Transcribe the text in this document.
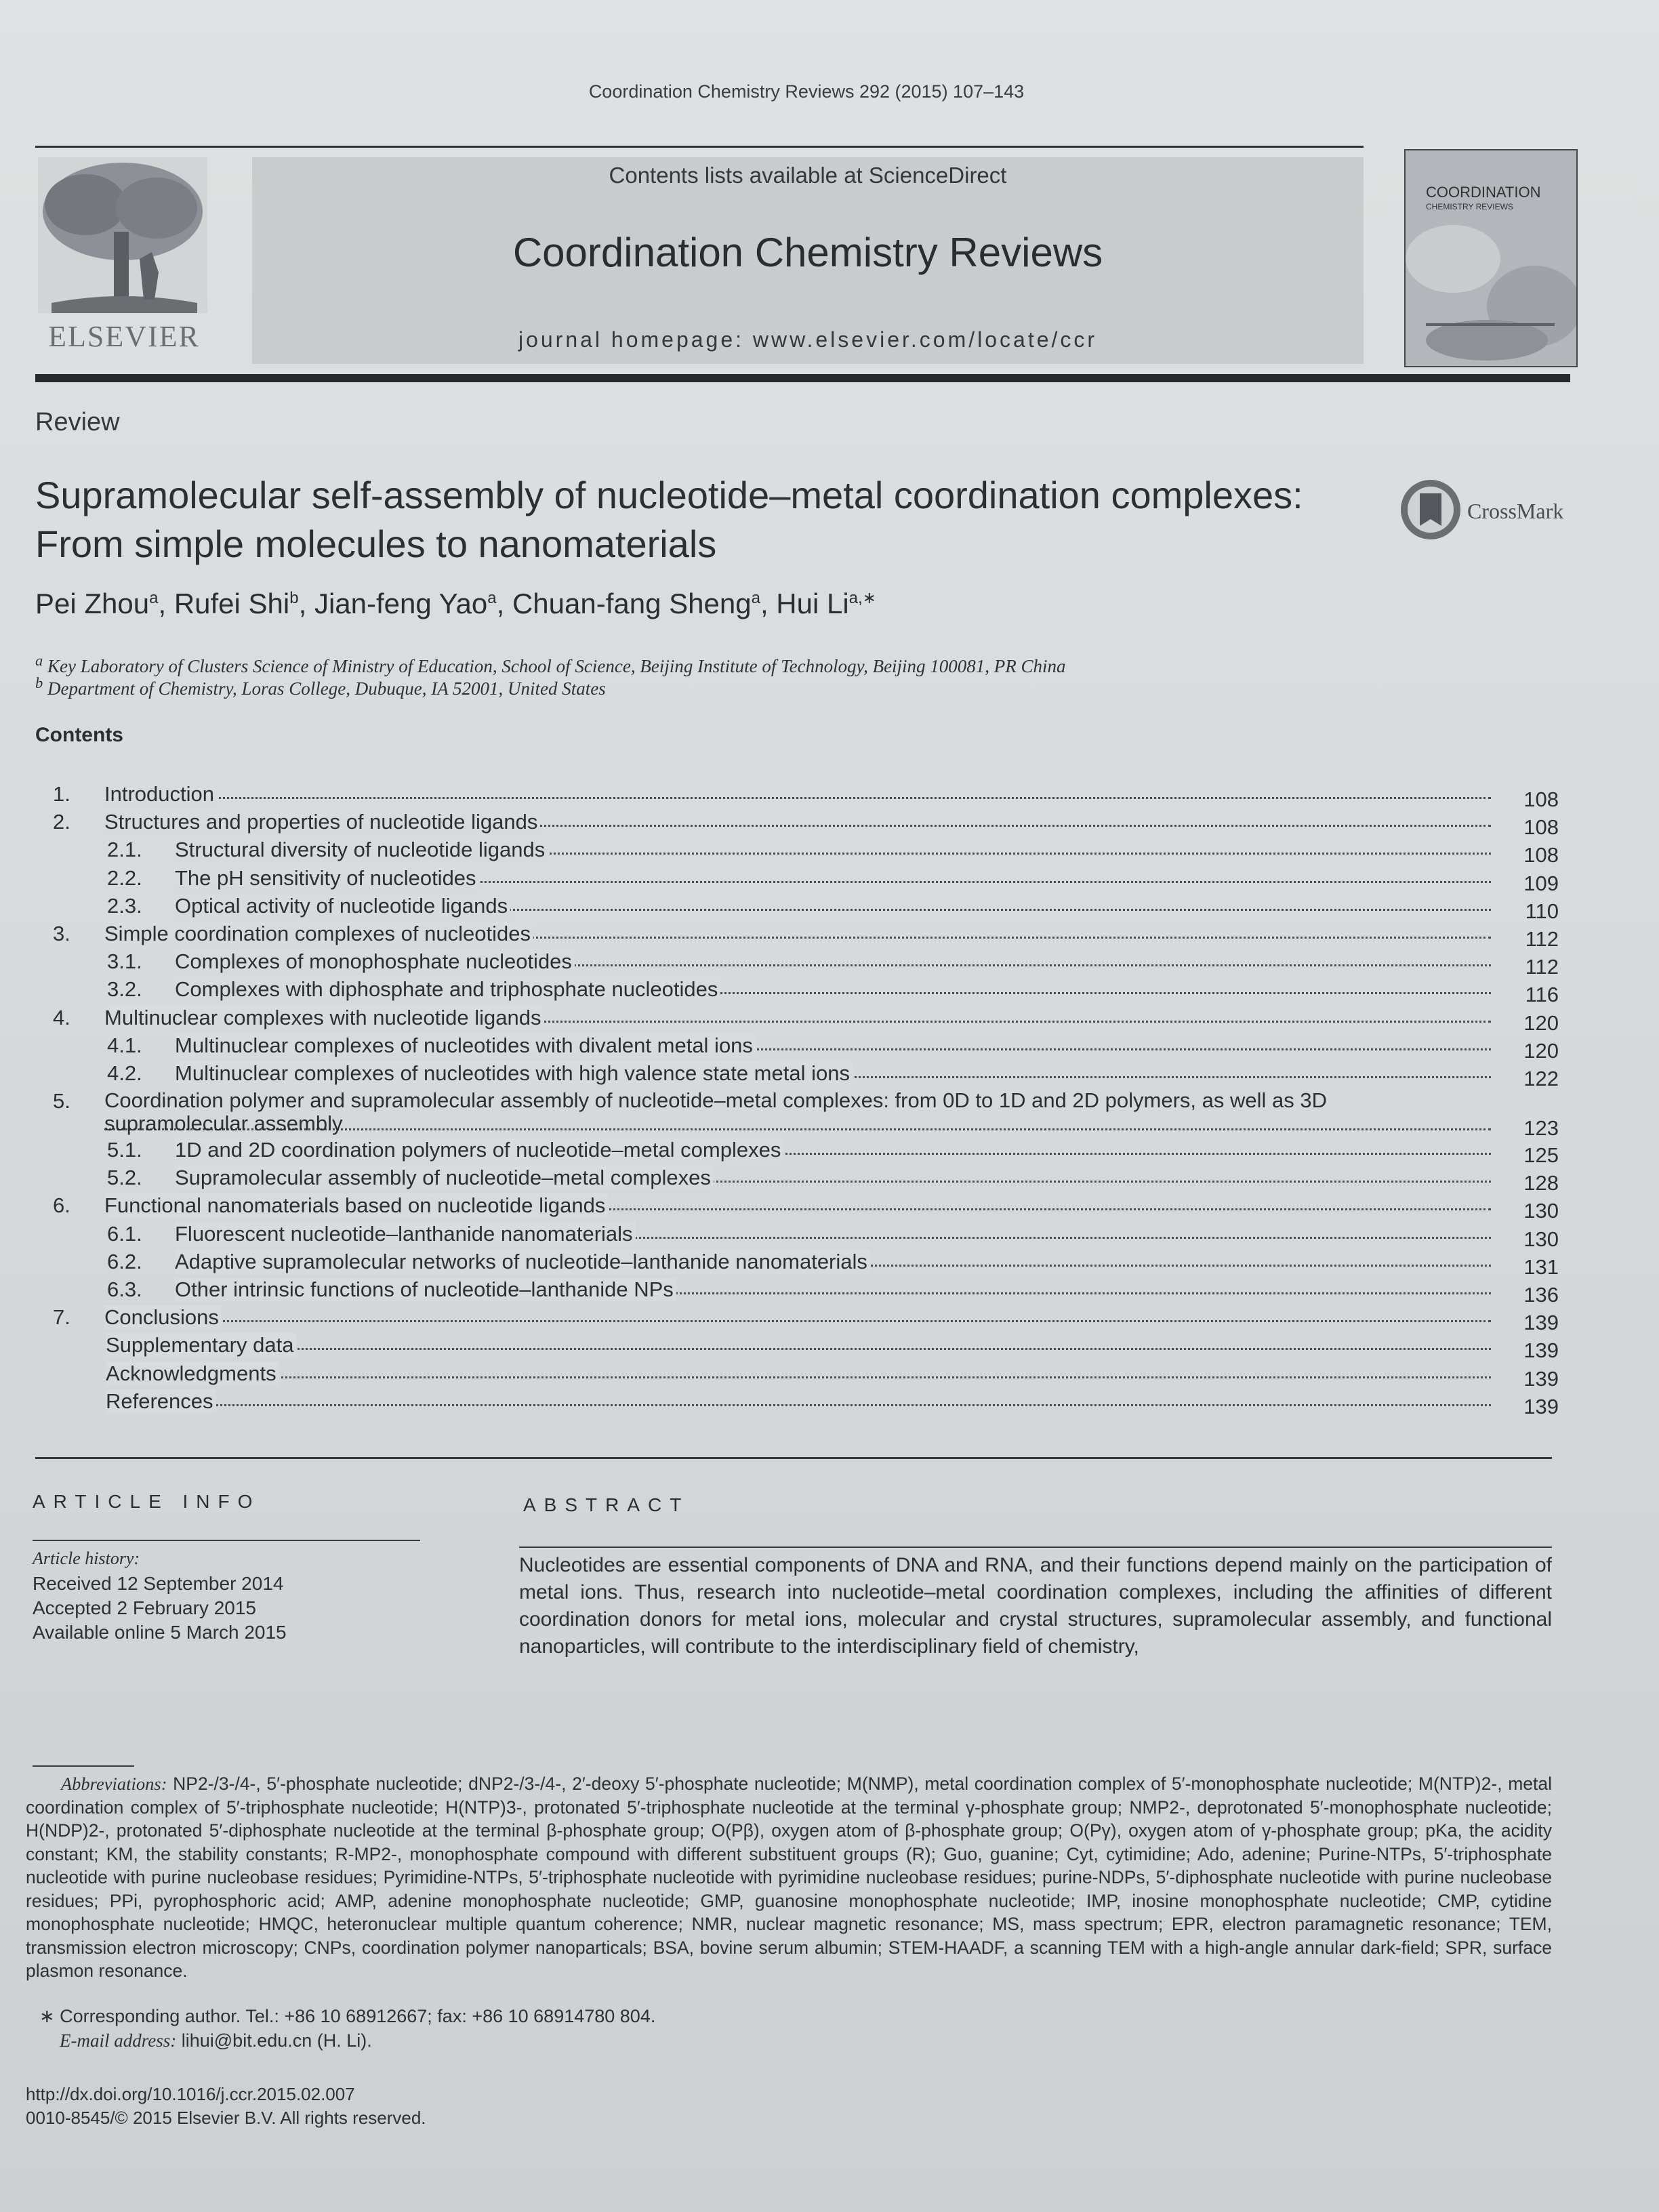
Coordination Chemistry Reviews 292 (2015) 107–143
ELSEVIER
Contents lists available at ScienceDirect
Coordination Chemistry Reviews
journal homepage: www.elsevier.com/locate/ccr
COORDINATION
CHEMISTRY REVIEWS
Review
Supramolecular self-assembly of nucleotide–metal coordination complexes: From simple molecules to nanomaterials
CrossMark
Pei Zhou$^a$, Rufei Shi$^b$, Jian-feng Yao$^a$, Chuan-fang Sheng$^a$, Hui $Li^{a,∗}$
$^a$ Key Laboratory of Clusters Science of Ministry of Education, School of Science, Beijing Institute of Technology, Beijing 100081, PR China
$^b$ Department of Chemistry, Loras College, Dubuque, IA 52001, United States
Contents
1. Introduction	108
2. Structures and properties of nucleotide ligands	108
2.1. Structural diversity of nucleotide ligands	108
2.2. The pH sensitivity of nucleotides	109
2.3. Optical activity of nucleotide ligands	110
3. Simple coordination complexes of nucleotides	112
3.1. Complexes of monophosphate nucleotides	112
3.2. Complexes with diphosphate and triphosphate nucleotides	116
4. Multinuclear complexes with nucleotide ligands	120
4.1. Multinuclear complexes of nucleotides with divalent metal ions	120
4.2. Multinuclear complexes of nucleotides with high valence state metal ions	122
5. Coordination polymer and supramolecular assembly of nucleotide–metal complexes: from 0D to 1D and 2D polymers, as well as 3D supramolecular assembly	123
5.1. 1D and 2D coordination polymers of nucleotide–metal complexes	125
5.2. Supramolecular assembly of nucleotide–metal complexes	128
6. Functional nanomaterials based on nucleotide ligands	130
6.1. Fluorescent nucleotide–lanthanide nanomaterials	130
6.2. Adaptive supramolecular networks of nucleotide–lanthanide nanomaterials	131
6.3. Other intrinsic functions of nucleotide–lanthanide NPs	136
7. Conclusions	139
Supplementary data	139
Acknowledgments	139
References	139
ARTICLE INFO
Article history:
Received 12 September 2014
Accepted 2 February 2015
Available online 5 March 2015
ABSTRACT
Nucleotides are essential components of DNA and RNA, and their functions depend mainly on the participation of metal ions. Thus, research into nucleotide–metal coordination complexes, including the affinities of different coordination donors for metal ions, molecular and crystal structures, supramolecular assembly, and functional nanoparticles, will contribute to the interdisciplinary field of chemistry,
Abbreviations: NP2-/3-/4-, 5′-phosphate nucleotide; dNP2-/3-/4-, 2′-deoxy 5′-phosphate nucleotide; M(NMP), metal coordination complex of 5′-monophosphate nucleotide; M(NTP)2-, metal coordination complex of 5′-triphosphate nucleotide; H(NTP)3-, protonated 5′-triphosphate nucleotide at the terminal γ-phosphate group; NMP2-, deprotonated 5′-monophosphate nucleotide; H(NDP)2-, protonated 5′-diphosphate nucleotide at the terminal β-phosphate group; O(Pβ), oxygen atom of β-phosphate group; O(Pγ), oxygen atom of γ-phosphate group; pKa, the acidity constant; KM, the stability constants; R-MP2-, monophosphate compound with different substituent groups (R); Guo, guanine; Cyt, cytimidine; Ado, adenine; Purine-NTPs, 5′-triphosphate nucleotide with purine nucleobase residues; Pyrimidine-NTPs, 5′-triphosphate nucleotide with pyrimidine nucleobase residues; purine-NDPs, 5′-diphosphate nucleotide with purine nucleobase residues; PPi, pyrophosphoric acid; AMP, adenine monophosphate nucleotide; GMP, guanosine monophosphate nucleotide; IMP, inosine monophosphate nucleotide; CMP, cytidine monophosphate nucleotide; HMQC, heteronuclear multiple quantum coherence; NMR, nuclear magnetic resonance; MS, mass spectrum; EPR, electron paramagnetic resonance; TEM, transmission electron microscopy; CNPs, coordination polymer nanoparticals; BSA, bovine serum albumin; STEM-HAADF, a scanning TEM with a high-angle annular dark-field; SPR, surface plasmon resonance.
∗ Corresponding author. Tel.: +86 10 68912667; fax: +86 10 68914780 804.
E-mail address: lihui@bit.edu.cn (H. Li).
http://dx.doi.org/10.1016/j.ccr.2015.02.007
0010-8545/© 2015 Elsevier B.V. All rights reserved.
